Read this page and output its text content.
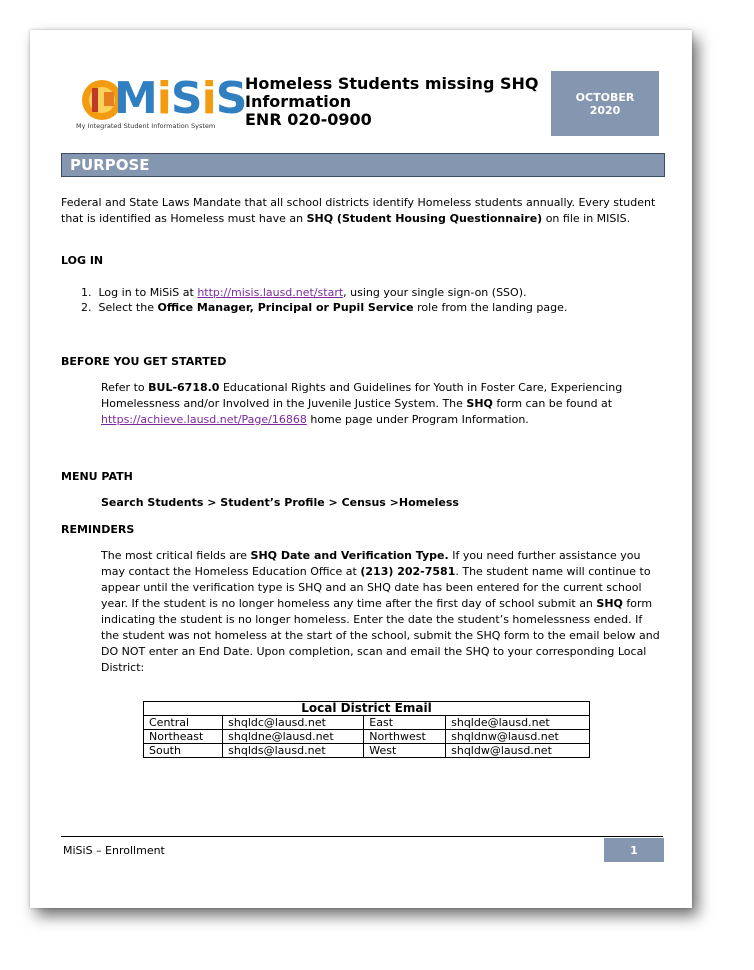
MiSiS
My Integrated Student Information System
Homeless Students missing SHQ
Information
ENR 020-0900
OCTOBER
2020
PURPOSE
Federal and State Laws Mandate that all school districts identify Homeless students annually. Every student that is identified as Homeless must have an SHQ (Student Housing Questionnaire) on file in MISIS.
LOG IN
1. Log in to MiSiS at http://misis.lausd.net/start, using your single sign-on (SSO).
2. Select the Office Manager, Principal or Pupil Service role from the landing page.
BEFORE YOU GET STARTED
Refer to BUL-6718.0 Educational Rights and Guidelines for Youth in Foster Care, Experiencing Homelessness and/or Involved in the Juvenile Justice System. The SHQ form can be found at
https://achieve.lausd.net/Page/16868 home page under Program Information.
MENU PATH
Search Students > Student’s Profile > Census >Homeless
REMINDERS
The most critical fields are SHQ Date and Verification Type. If you need further assistance you may contact the Homeless Education Office at (213) 202-7581. The student name will continue to appear until the verification type is SHQ and an SHQ date has been entered for the current school year. If the student is no longer homeless any time after the first day of school submit an SHQ form indicating the student is no longer homeless. Enter the date the student’s homelessness ended. If the student was not homeless at the start of the school, submit the SHQ form to the email below and DO NOT enter an End Date. Upon completion, scan and email the SHQ to your corresponding Local District:
Local District Email			
Central	shqldc@lausd.net	East	shqlde@lausd.net
Northeast	shqldne@lausd.net	Northwest	shqldnw@lausd.net
South	shqlds@lausd.net	West	shqldw@lausd.net
MiSiS – Enrollment	1
